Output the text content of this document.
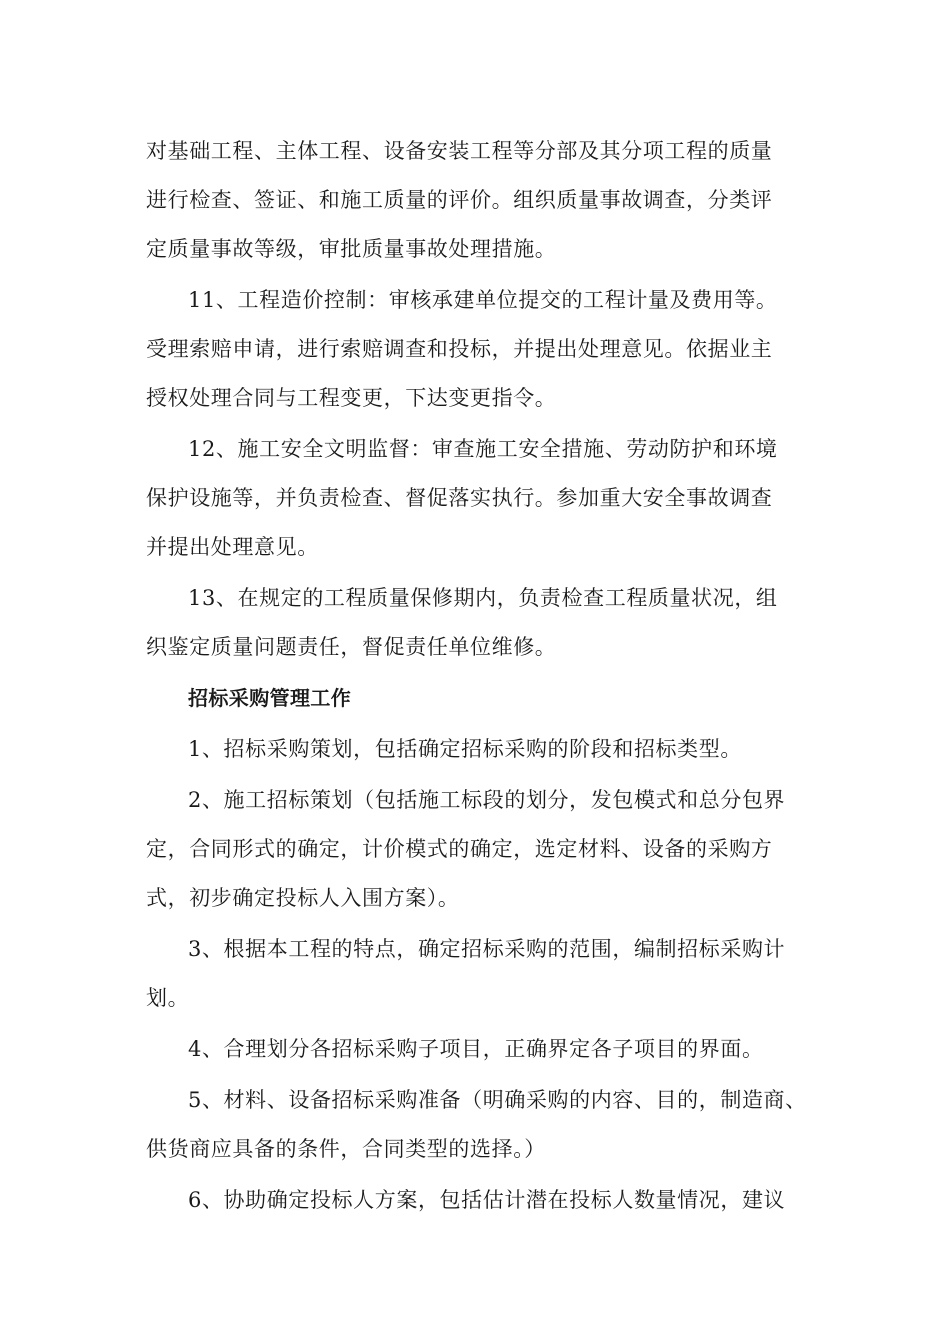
对基础工程、主体工程、设备安装工程等分部及其分项工程的质量
进行检查、签证、和施工质量的评价。组织质量事故调查，分类评
定质量事故等级，审批质量事故处理措施。
11、工程造价控制：审核承建单位提交的工程计量及费用等。
受理索赔申请，进行索赔调查和投标，并提出处理意见。依据业主
授权处理合同与工程变更，下达变更指令。
12、施工安全文明监督：审查施工安全措施、劳动防护和环境
保护设施等，并负责检查、督促落实执行。参加重大安全事故调查
并提出处理意见。
13、在规定的工程质量保修期内，负责检查工程质量状况，组
织鉴定质量问题责任，督促责任单位维修。
招标采购管理工作
1、招标采购策划，包括确定招标采购的阶段和招标类型。
2、施工招标策划（包括施工标段的划分，发包模式和总分包界
定，合同形式的确定，计价模式的确定，选定材料、设备的采购方
式，初步确定投标人入围方案）。
3、根据本工程的特点，确定招标采购的范围，编制招标采购计
划。
4、合理划分各招标采购子项目，正确界定各子项目的界面。
5、材料、设备招标采购准备（明确采购的内容、目的，制造商、
供货商应具备的条件，合同类型的选择。）
6、协助确定投标人方案，包括估计潜在投标人数量情况，建议
